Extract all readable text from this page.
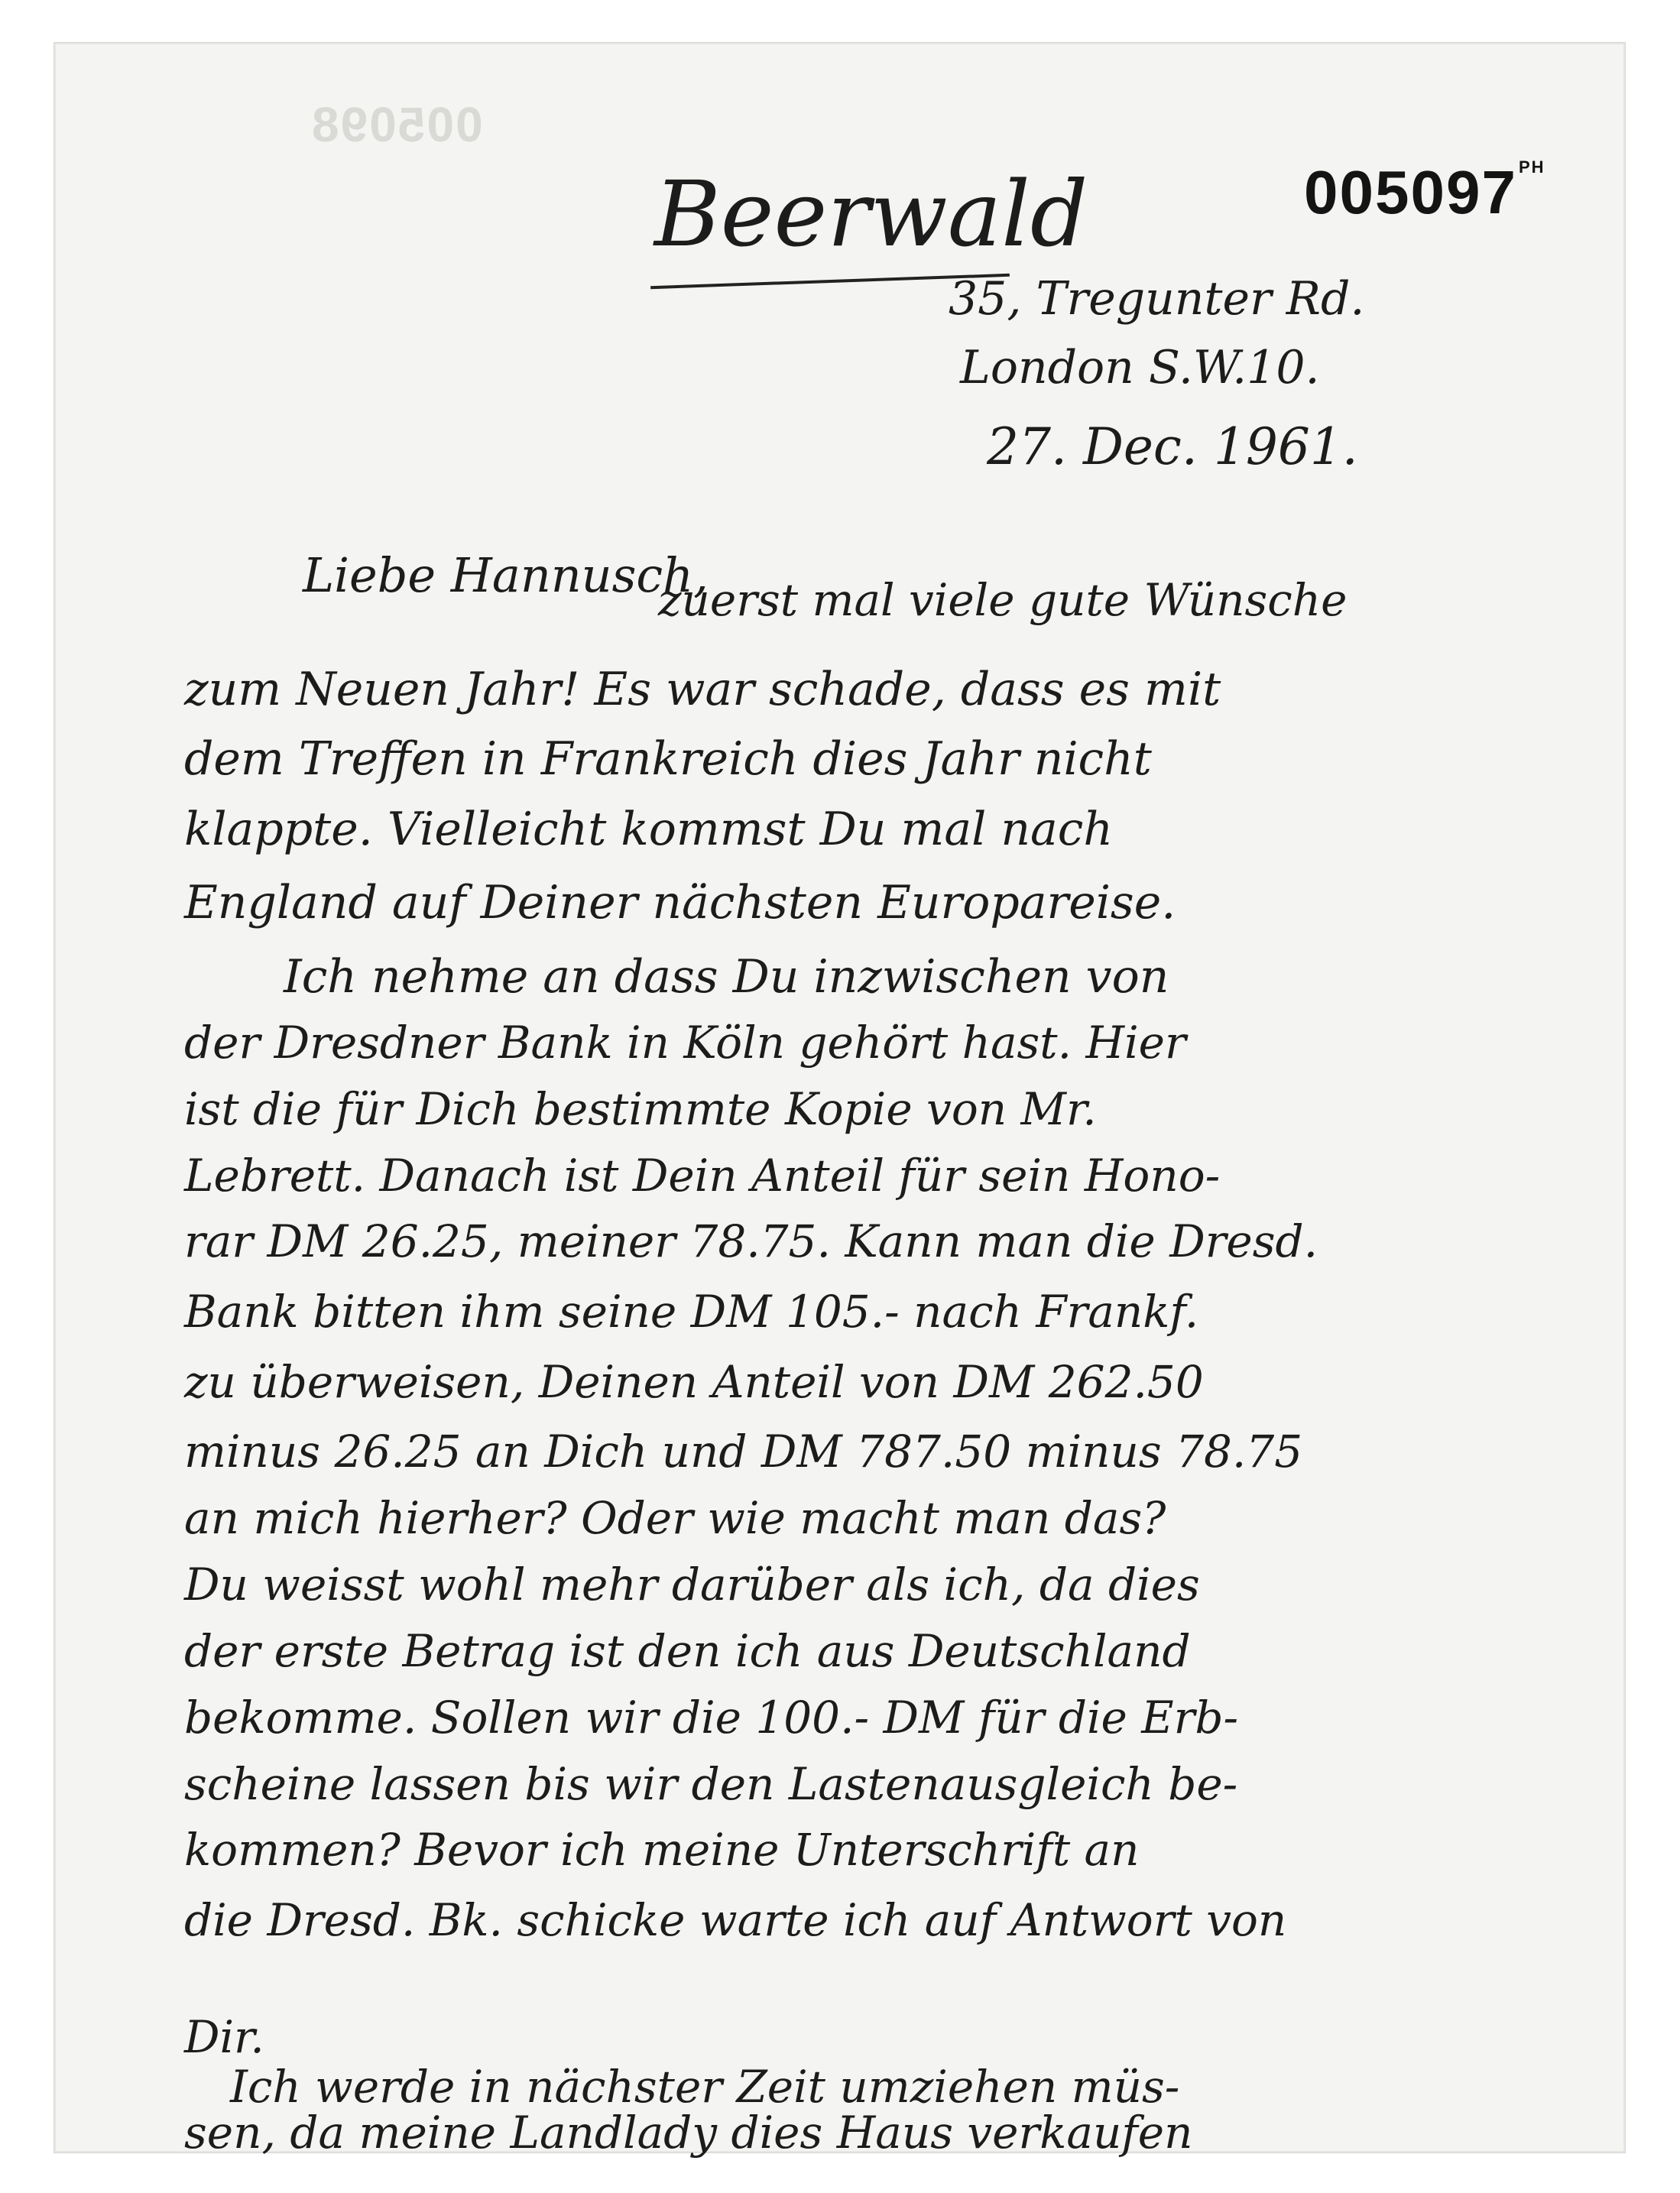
005098
$005097^{PH}$
Beerwald
35, Tregunter Rd.
London S.W.10.
27. Dec. 1961.
Liebe Hannusch,
zuerst mal viele gute Wünsche
zum Neuen Jahr! Es war schade, dass es mit
dem Treffen in Frankreich dies Jahr nicht
klappte. Vielleicht kommst Du mal nach
England auf Deiner nächsten Europareise.
Ich nehme an dass Du inzwischen von
der Dresdner Bank in Köln gehört hast. Hier
ist die für Dich bestimmte Kopie von Mr.
Lebrett. Danach ist Dein Anteil für sein Hono-
rar DM 26.25, meiner 78.75. Kann man die Dresd.
Bank bitten ihm seine DM 105.- nach Frankf.
zu überweisen, Deinen Anteil von DM 262.50
minus 26.25 an Dich und DM 787.50 minus 78.75
an mich hierher? Oder wie macht man das?
Du weisst wohl mehr darüber als ich, da dies
der erste Betrag ist den ich aus Deutschland
bekomme. Sollen wir die 100.- DM für die Erb-
scheine lassen bis wir den Lastenausgleich be-
kommen? Bevor ich meine Unterschrift an
die Dresd. Bk. schicke warte ich auf Antwort von
Dir.
Ich werde in nächster Zeit umziehen müs-
sen, da meine Landlady dies Haus verkaufen
